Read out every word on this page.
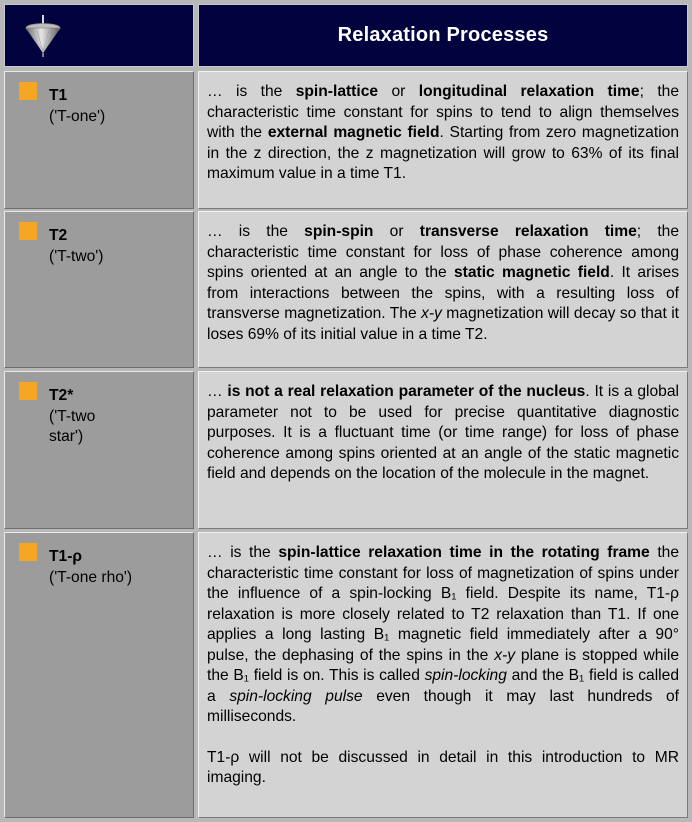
Relaxation Processes
T1
('T-one')

… is the spin-lattice or longitudinal relaxation time; the characteristic time constant for spins to tend to align themselves with the external magnetic field. Starting from zero magnetization in the z direction, the z magnetization will grow to 63% of its final maximum value in a time T1.

T2
('T-two')

… is the spin-spin or transverse relaxation time; the characteristic time constant for loss of phase coherence among spins oriented at an angle to the static magnetic field. It arises from interactions between the spins, with a resulting loss of transverse magnetization. The x-y magnetization will decay so that it loses 69% of its initial value in a time T2.

T2*
('T-two star')

… is not a real relaxation parameter of the nucleus. It is a global parameter not to be used for precise quantitative diagnostic purposes. It is a fluctuant time (or time range) for loss of phase coherence among spins oriented at an angle of the static magnetic field and depends on the location of the molecule in the magnet.

T1-ρ
('T-one rho')

… is the spin-lattice relaxation time in the rotating frame the characteristic time constant for loss of magnetization of spins under the influence of a spin-locking B₁ field. Despite its name, T1-ρ relaxation is more closely related to T2 relaxation than T1. If one applies a long lasting B₁ magnetic field immediately after a 90° pulse, the dephasing of the spins in the x-y plane is stopped while the B₁ field is on. This is called spin-locking and the B₁ field is called a spin-locking pulse even though it may last hundreds of milliseconds.

T1-ρ will not be discussed in detail in this introduction to MR imaging.
